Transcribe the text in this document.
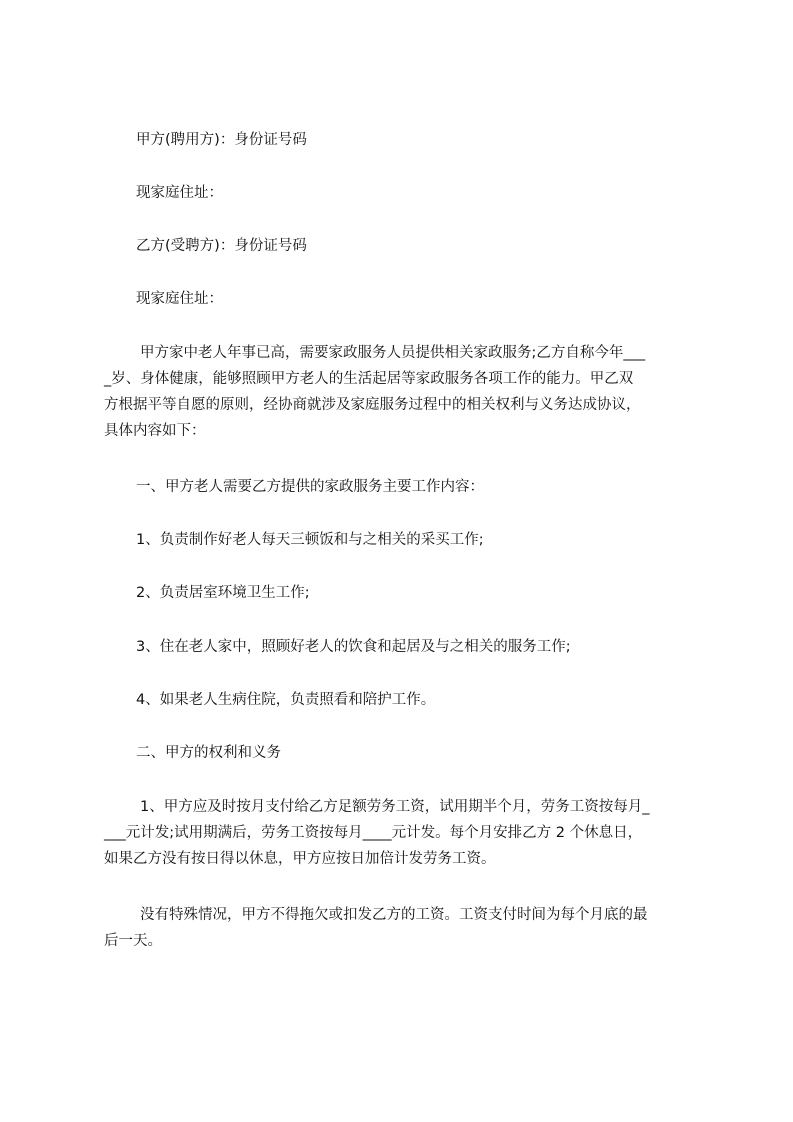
甲方(聘用方)：身份证号码
现家庭住址：
乙方(受聘方)：身份证号码
现家庭住址：
甲方家中老人年事已高，需要家政服务人员提供相关家政服务;乙方自称今年___
_岁、身体健康，能够照顾甲方老人的生活起居等家政服务各项工作的能力。甲乙双
方根据平等自愿的原则，经协商就涉及家庭服务过程中的相关权利与义务达成协议，
具体内容如下：
一、甲方老人需要乙方提供的家政服务主要工作内容：
1、负责制作好老人每天三顿饭和与之相关的采买工作;
2、负责居室环境卫生工作;
3、住在老人家中，照顾好老人的饮食和起居及与之相关的服务工作;
4、如果老人生病住院，负责照看和陪护工作。
二、甲方的权利和义务
1、甲方应及时按月支付给乙方足额劳务工资，试用期半个月，劳务工资按每月_
___元计发;试用期满后，劳务工资按每月____元计发。每个月安排乙方 2 个休息日，
如果乙方没有按日得以休息，甲方应按日加倍计发劳务工资。
没有特殊情况，甲方不得拖欠或扣发乙方的工资。工资支付时间为每个月底的最
后一天。
